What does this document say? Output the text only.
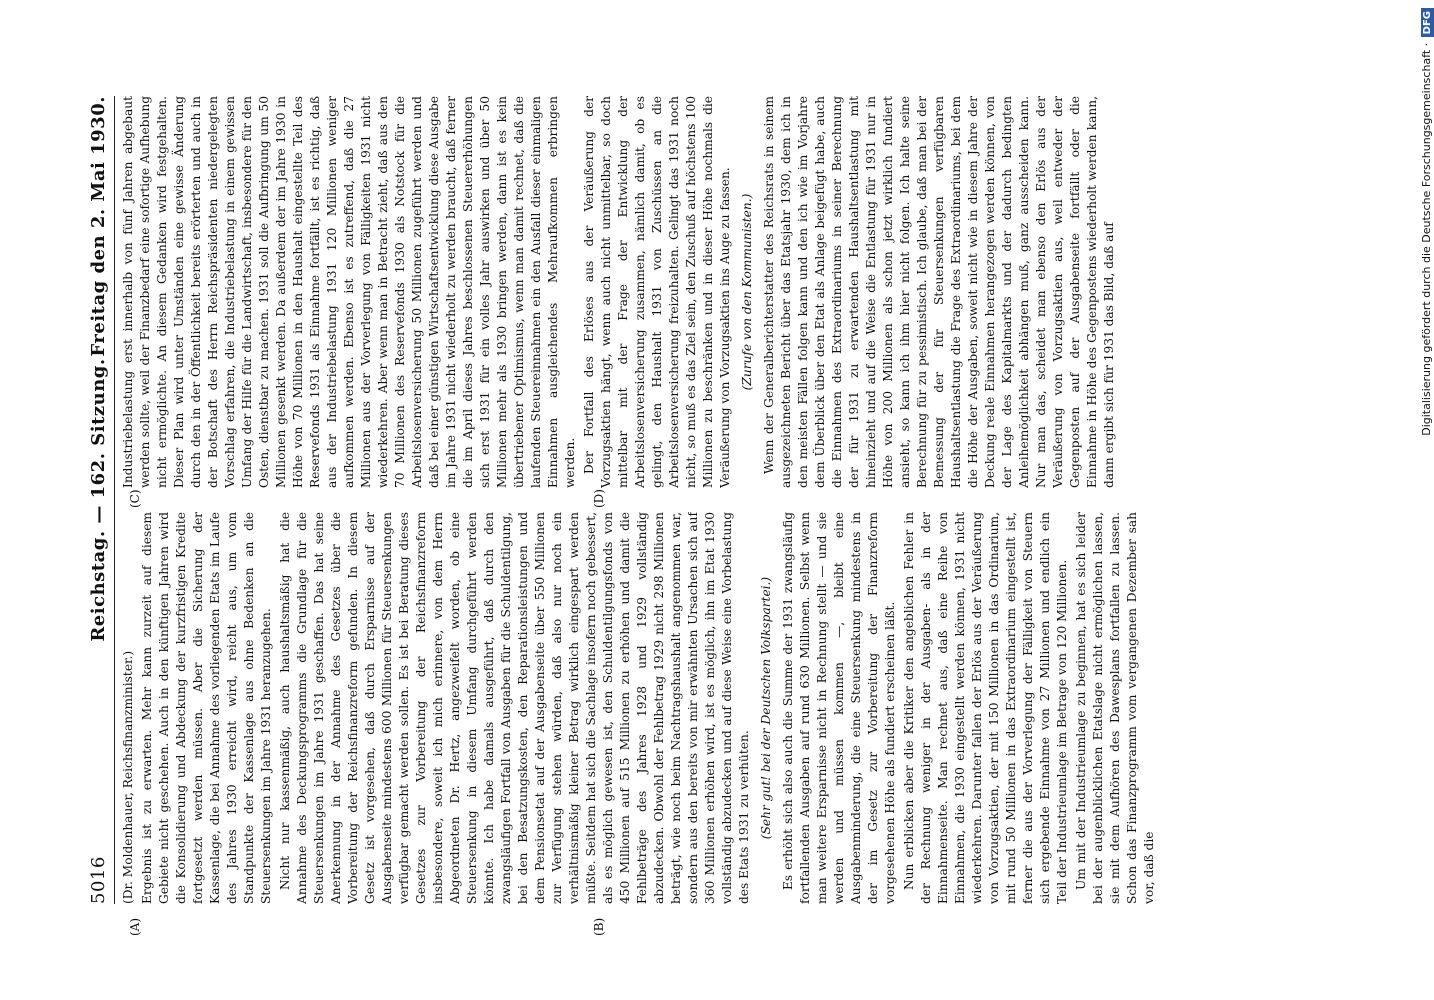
5016
Reichstag. — 162. Sitzung.
Freitag den 2. Mai 1930.
(A)	(B)
(C)	(D)

(Dr. Moldenhauer, Reichsfinanzminister.) Ergebnis ist zu erwarten. Mehr kann zurzeit auf diesem Gebiete nicht geschehen. Auch in den künftigen Jahren wird die Konsolidierung und Abdeckung der kurzfristigen Kredite fortgesetzt werden müssen. Aber die Sicherung der Kassenlage, die bei Annahme des vorliegenden Etats im Laufe des Jahres 1930 erreicht wird, reicht aus, um vom Standpunkte der Kassenlage aus ohne Bedenken an die Steuersenkungen im Jahre 1931 heranzugehen. Nicht nur kassenmäßig, auch haushaltsmäßig hat die Annahme des Deckungsprogramms die Grundlage für die Steuersenkungen im Jahre 1931 geschaffen. Das hat seine Anerkennung in der Annahme des Gesetzes über die Vorbereitung der Reichsfinanzreform gefunden. In diesem Gesetz ist vorgesehen, daß durch Ersparnisse auf der Ausgabenseite mindestens 600 Millionen für Steuersenkungen verfügbar gemacht werden sollen. Es ist bei Beratung dieses Gesetzes zur Vorbereitung der Reichsfinanzreform insbesondere, soweit ich mich erinnere, von dem Herrn Abgeordneten Dr. Hertz, angezweifelt worden, ob eine Steuersenkung in diesem Umfang durchgeführt werden könnte. Ich habe damals ausgeführt, daß durch den zwangsläufigen Fortfall von Ausgaben für die Schuldentilgung, bei den Besatzungskosten, den Reparationsleistungen und dem Pensionsetat auf der Ausgabenseite über 550 Millionen zur Verfügung stehen würden, daß also nur noch ein verhältnismäßig kleiner Betrag wirklich eingespart werden müßte. Seitdem hat sich die Sachlage insofern noch gebessert, als es möglich gewesen ist, den Schuldentilgungsfonds von 450 Millionen auf 515 Millionen zu erhöhen und damit die Fehlbeträge des Jahres 1928 und 1929 vollständig abzudecken. Obwohl der Fehlbetrag 1929 nicht 298 Millionen beträgt, wie noch beim Nachtragshaushalt angenommen war, sondern aus den bereits von mir erwähnten Ursachen sich auf 360 Millionen erhöhen wird, ist es möglich, ihn im Etat 1930 vollständig abzudecken und auf diese Weise eine Vorbelastung des Etats 1931 zu verhüten. (Sehr gut! bei der Deutschen Volkspartei.) Es erhöht sich also auch die Summe der 1931 zwangsläufig fortfallenden Ausgaben auf rund 630 Millionen. Selbst wenn man weitere Ersparnisse nicht in Rechnung stellt — und sie werden und müssen kommen —, bleibt eine Ausgabenminderung, die eine Steuersenkung mindestens in der im Gesetz zur Vorbereitung der Finanzreform vorgesehenen Höhe als fundiert erscheinen läßt. Nun erblicken aber die Kritiker den angeblichen Fehler in der Rechnung weniger in der Ausgaben- als in der Einnahmenseite. Man rechnet aus, daß eine Reihe von Einnahmen, die 1930 eingestellt werden können, 1931 nicht wiederkehren. Darunter fallen der Erlös aus der Veräußerung von Vorzugsaktien, der mit 150 Millionen in das Ordinarium, mit rund 50 Millionen in das Extraordinarium eingestellt ist, ferner die aus der Vorverlegung der Fälligkeit von Steuern sich ergebende Einnahme von 27 Millionen und endlich ein Teil der Industrieumlage im Betrage von 120 Millionen. Um mit der Industrieumlage zu beginnen, hat es sich leider bei der augenblicklichen Etatslage nicht ermöglichen lassen, sie mit dem Aufhören des Dawesplans fortfallen zu lassen. Schon das Finanzprogramm vom vergangenen Dezember sah vor, daß die

Industriebelastung erst innerhalb von fünf Jahren abgebaut werden sollte, weil der Finanzbedarf eine sofortige Aufhebung nicht ermöglichte. An diesem Gedanken wird festgehalten. Dieser Plan wird unter Umständen eine gewisse Änderung durch den in der Öffentlichkeit bereits erörterten und auch in der Botschaft des Herrn Reichspräsidenten niedergelegten Vorschlag erfahren, die Industriebelastung in einem gewissen Umfang der Hilfe für die Landwirtschaft, insbesondere für den Osten, dienstbar zu machen. 1931 soll die Aufbringung um 50 Millionen gesenkt werden. Da außerdem der im Jahre 1930 in Höhe von 70 Millionen in den Haushalt eingestellte Teil des Reservefonds 1931 als Einnahme fortfällt, ist es richtig, daß aus der Industriebelastung 1931 120 Millionen weniger aufkommen werden. Ebenso ist es zutreffend, daß die 27 Millionen aus der Vorverlegung von Fälligkeiten 1931 nicht wiederkehren. Aber wenn man in Betracht zieht, daß aus den 70 Millionen des Reservefonds 1930 als Notstock für die Arbeitslosenversicherung 50 Millionen zugeführt werden und daß bei einer günstigen Wirtschaftsentwicklung diese Ausgabe im Jahre 1931 nicht wiederholt zu werden braucht, daß ferner die im April dieses Jahres beschlossenen Steuererhöhungen sich erst 1931 für ein volles Jahr auswirken und über 50 Millionen mehr als 1930 bringen werden, dann ist es kein übertriebener Optimismus, wenn man damit rechnet, daß die laufenden Steuereinnahmen ein den Ausfall dieser einmaligen Einnahmen ausgleichendes Mehraufkommen erbringen werden. Der Fortfall des Erlöses aus der Veräußerung der Vorzugsaktien hängt, wenn auch nicht unmittelbar, so doch mittelbar mit der Frage der Entwicklung der Arbeitslosenversicherung zusammen, nämlich damit, ob es gelingt, den Haushalt 1931 von Zuschüssen an die Arbeitslosenversicherung freizuhalten. Gelingt das 1931 noch nicht, so muß es das Ziel sein, den Zuschuß auf höchstens 100 Millionen zu beschränken und in dieser Höhe nochmals die Veräußerung von Vorzugsaktien ins Auge zu fassen. (Zurufe von den Kommunisten.) Wenn der Generalberichterstatter des Reichsrats in seinem ausgezeichneten Bericht über das Etatsjahr 1930, dem ich in den meisten Fällen folgen kann und den ich wie im Vorjahre dem Überblick über den Etat als Anlage beigefügt habe, auch die Einnahmen des Extraordinariums in seiner Berechnung der für 1931 zu erwartenden Haushaltsentlastung mit hineinzieht und auf die Weise die Entlastung für 1931 nur in Höhe von 200 Millionen als schon jetzt wirklich fundiert ansieht, so kann ich ihm hier nicht folgen. Ich halte seine Berechnung für zu pessimistisch. Ich glaube, daß man bei der Bemessung der für Steuersenkungen verfügbaren Haushaltsentlastung die Frage des Extraordinariums, bei dem die Höhe der Ausgaben, soweit nicht wie in diesem Jahre der Deckung reale Einnahmen herangezogen werden können, von der Lage des Kapitalmarkts und der dadurch bedingten Anleihemöglichkeit abhängen muß, ganz ausscheiden kann. Nur man das, scheidet man ebenso den Erlös aus der Veräußerung von Vorzugsaktien aus, weil entweder der Gegenposten auf der Ausgabenseite fortfällt oder die Einnahme in Höhe des Gegenpostens wiederholt werden kann, dann ergibt sich für 1931 das Bild, daß auf	Digitalisierung gefördert durch die Deutsche Forschungsgemeinschaft · DFG
